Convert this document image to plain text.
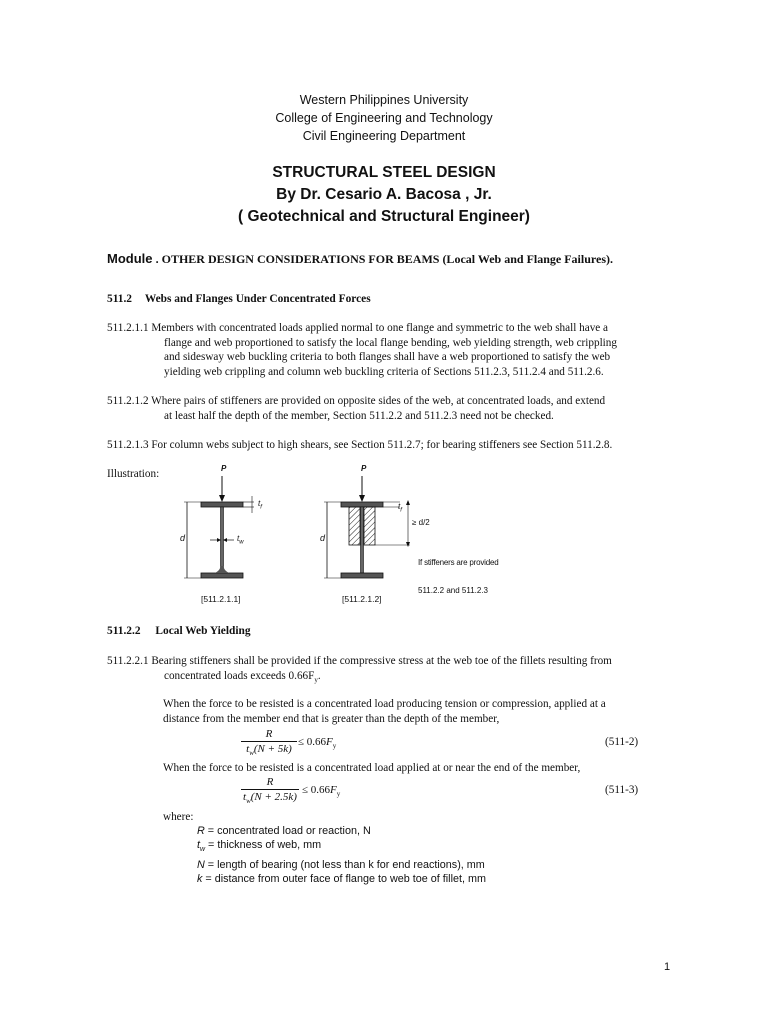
Western Philippines University
College of Engineering and Technology
Civil Engineering Department
STRUCTURAL STEEL DESIGN
By Dr. Cesario A. Bacosa , Jr.
( Geotechnical and Structural Engineer)
Module . OTHER DESIGN CONSIDERATIONS FOR BEAMS (Local Web and Flange Failures).
511.2 Webs and Flanges Under Concentrated Forces
511.2.1.1 Members with concentrated loads applied normal to one flange and symmetric to the web shall have a
flange and web proportioned to satisfy the local flange bending, web yielding strength, web crippling
and sidesway web buckling criteria to both flanges shall have a web proportioned to satisfy the web
yielding web crippling and column web buckling criteria of Sections 511.2.3, 511.2.4 and 511.2.6.
511.2.1.2 Where pairs of stiffeners are provided on opposite sides of the web, at concentrated loads, and extend
at least half the depth of the member, Section 511.2.2 and 511.2.3 need not be checked.
511.2.1.3 For column webs subject to high shears, see Section 511.2.7; for bearing stiffeners see Section 511.2.8.
Illustration:	P
d
$t_f$
$t_w$
[511.2.1.1]
P
d
$t_f$
≥ d/2
If stiffeners are provided
511.2.2 and 511.2.3
[511.2.1.2]
511.2.2 Local Web Yielding
511.2.2.1 Bearing stiffeners shall be provided if the compressive stress at the web toe of the fillets resulting from
concentrated loads exceeds $0.66F_y$.
When the force to be resisted is a concentrated load producing tension or compression, applied at a
distance from the member end that is greater than the depth of the member,
R
$t_w(N + 5k)$
≤ $0.66F_y$	(511-2)
When the force to be resisted is a concentrated load applied at or near the end of the member,
R
$t_w(N + 2.5k)$
≤ $0.66F_y$	(511-3)
where:
R = concentrated load or reaction, N
$t_w$ = thickness of web, mm
N = length of bearing (not less than k for end reactions), mm
k = distance from outer face of flange to web toe of fillet, mm
1
